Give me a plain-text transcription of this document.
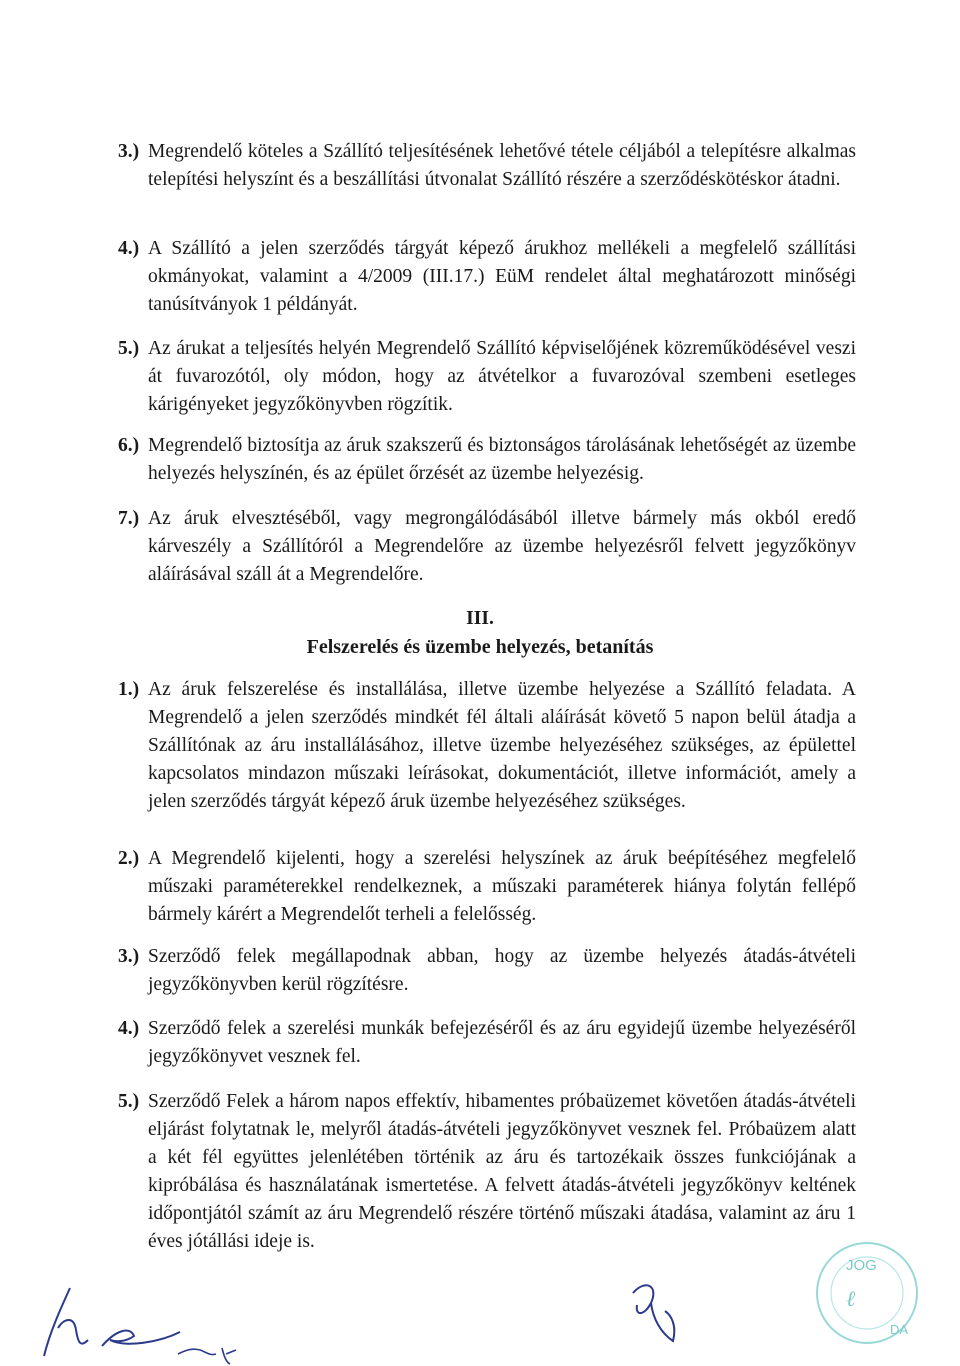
3.) Megrendelő köteles a Szállító teljesítésének lehetővé tétele céljából a telepítésre alkalmas telepítési helyszínt és a beszállítási útvonalat Szállító részére a szerződéskötéskor átadni.
4.) A Szállító a jelen szerződés tárgyát képező árukhoz mellékeli a megfelelő szállítási okmányokat, valamint a 4/2009 (III.17.) EüM rendelet által meghatározott minőségi tanúsítványok 1 példányát.
5.) Az árukat a teljesítés helyén Megrendelő Szállító képviselőjének közreműködésével veszi át fuvarozótól, oly módon, hogy az átvételkor a fuvarozóval szembeni esetleges kárigényeket jegyzőkönyvben rögzítik.
6.) Megrendelő biztosítja az áruk szakszerű és biztonságos tárolásának lehetőségét az üzembe helyezés helyszínén, és az épület őrzését az üzembe helyezésig.
7.) Az áruk elvesztéséből, vagy megrongálódásából illetve bármely más okból eredő kárveszély a Szállítóról a Megrendelőre az üzembe helyezésről felvett jegyzőkönyv aláírásával száll át a Megrendelőre.
III.
Felszerelés és üzembe helyezés, betanítás
1.) Az áruk felszerelése és installálása, illetve üzembe helyezése a Szállító feladata. A Megrendelő a jelen szerződés mindkét fél általi aláírását követő 5 napon belül átadja a Szállítónak az áru installálásához, illetve üzembe helyezéséhez szükséges, az épülettel kapcsolatos mindazon műszaki leírásokat, dokumentációt, illetve információt, amely a jelen szerződés tárgyát képező áruk üzembe helyezéséhez szükséges.
2.) A Megrendelő kijelenti, hogy a szerelési helyszínek az áruk beépítéséhez megfelelő műszaki paraméterekkel rendelkeznek, a műszaki paraméterek hiánya folytán fellépő bármely kárért a Megrendelőt terheli a felelősség.
3.) Szerződő felek megállapodnak abban, hogy az üzembe helyezés átadás-átvételi jegyzőkönyvben kerül rögzítésre.
4.) Szerződő felek a szerelési munkák befejezéséről és az áru egyidejű üzembe helyezéséről jegyzőkönyvet vesznek fel.
5.) Szerződő Felek a három napos effektív, hibamentes próbaüzemet követően átadás-átvételi eljárást folytatnak le, melyről átadás-átvételi jegyzőkönyvet vesznek fel. Próbaüzem alatt a két fél együttes jelenlétében történik az áru és tartozékaik összes funkciójának a kipróbálása és használatának ismertetése. A felvett átadás-átvételi jegyzőkönyv keltének időpontjától számít az áru Megrendelő részére történő műszaki átadása, valamint az áru 1 éves jótállási ideje is.
JOG
ℓ
DA
